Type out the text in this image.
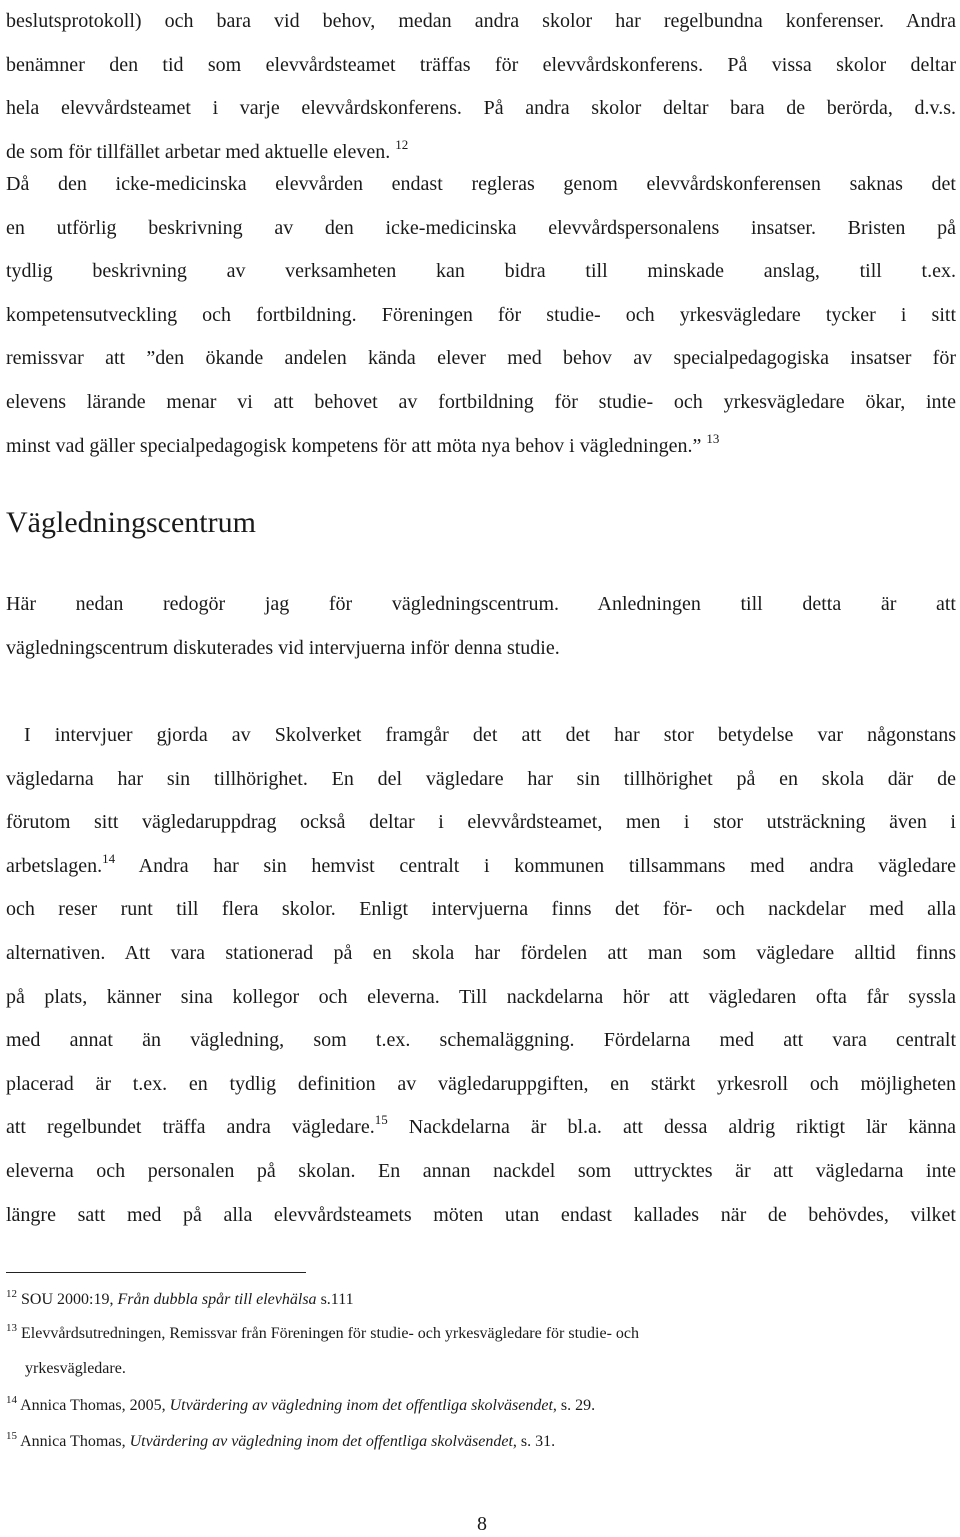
beslutsprotokoll) och bara vid behov, medan andra skolor har regelbundna konferenser. Andra
benämner den tid som elevvårdsteamet träffas för elevvårdskonferens. På vissa skolor deltar
hela elevvårdsteamet i varje elevvårdskonferens. På andra skolor deltar bara de berörda, d.v.s.
de som för tillfället arbetar med aktuelle eleven. $^{12}$
Då den icke-medicinska elevvården endast regleras genom elevvårdskonferensen saknas det
en utförlig beskrivning av den icke-medicinska elevvårdspersonalens insatser. Bristen på
tydlig beskrivning av verksamheten kan bidra till minskade anslag, till t.ex.
kompetensutveckling och fortbildning. Föreningen för studie- och yrkesvägledare tycker i sitt
remissvar att ”den ökande andelen kända elever med behov av specialpedagogiska insatser för
elevens lärande menar vi att behovet av fortbildning för studie- och yrkesvägledare ökar, inte
minst vad gäller specialpedagogisk kompetens för att möta nya behov i vägledningen.” $^{13}$
Vägledningscentrum
Här nedan redogör jag för vägledningscentrum. Anledningen till detta är att
vägledningscentrum diskuterades vid intervjuerna inför denna studie.
I intervjuer gjorda av Skolverket framgår det att det har stor betydelse var någonstans
vägledarna har sin tillhörighet. En del vägledare har sin tillhörighet på en skola där de
förutom sitt vägledaruppdrag också deltar i elevvårdsteamet, men i stor utsträckning även i
arbetslagen.$^{14}$ Andra har sin hemvist centralt i kommunen tillsammans med andra vägledare
och reser runt till flera skolor. Enligt intervjuerna finns det för- och nackdelar med alla
alternativen. Att vara stationerad på en skola har fördelen att man som vägledare alltid finns
på plats, känner sina kollegor och eleverna. Till nackdelarna hör att vägledaren ofta får syssla
med annat än vägledning, som t.ex. schemaläggning. Fördelarna med att vara centralt
placerad är t.ex. en tydlig definition av vägledaruppgiften, en stärkt yrkesroll och möjligheten
att regelbundet träffa andra vägledare.$^{15}$ Nackdelarna är bl.a. att dessa aldrig riktigt lär känna
eleverna och personalen på skolan. En annan nackdel som uttrycktes är att vägledarna inte
längre satt med på alla elevvårdsteamets möten utan endast kallades när de behövdes, vilket
$^{12}$ SOU 2000:19, Från dubbla spår till elevhälsa s.111
$^{13}$ Elevvårdsutredningen, Remissvar från Föreningen för studie- och yrkesvägledare för studie- och
yrkesvägledare.
$^{14}$ Annica Thomas, 2005, Utvärdering av vägledning inom det offentliga skolväsendet, s. 29.
$^{15}$ Annica Thomas, Utvärdering av vägledning inom det offentliga skolväsendet, s. 31.
8
